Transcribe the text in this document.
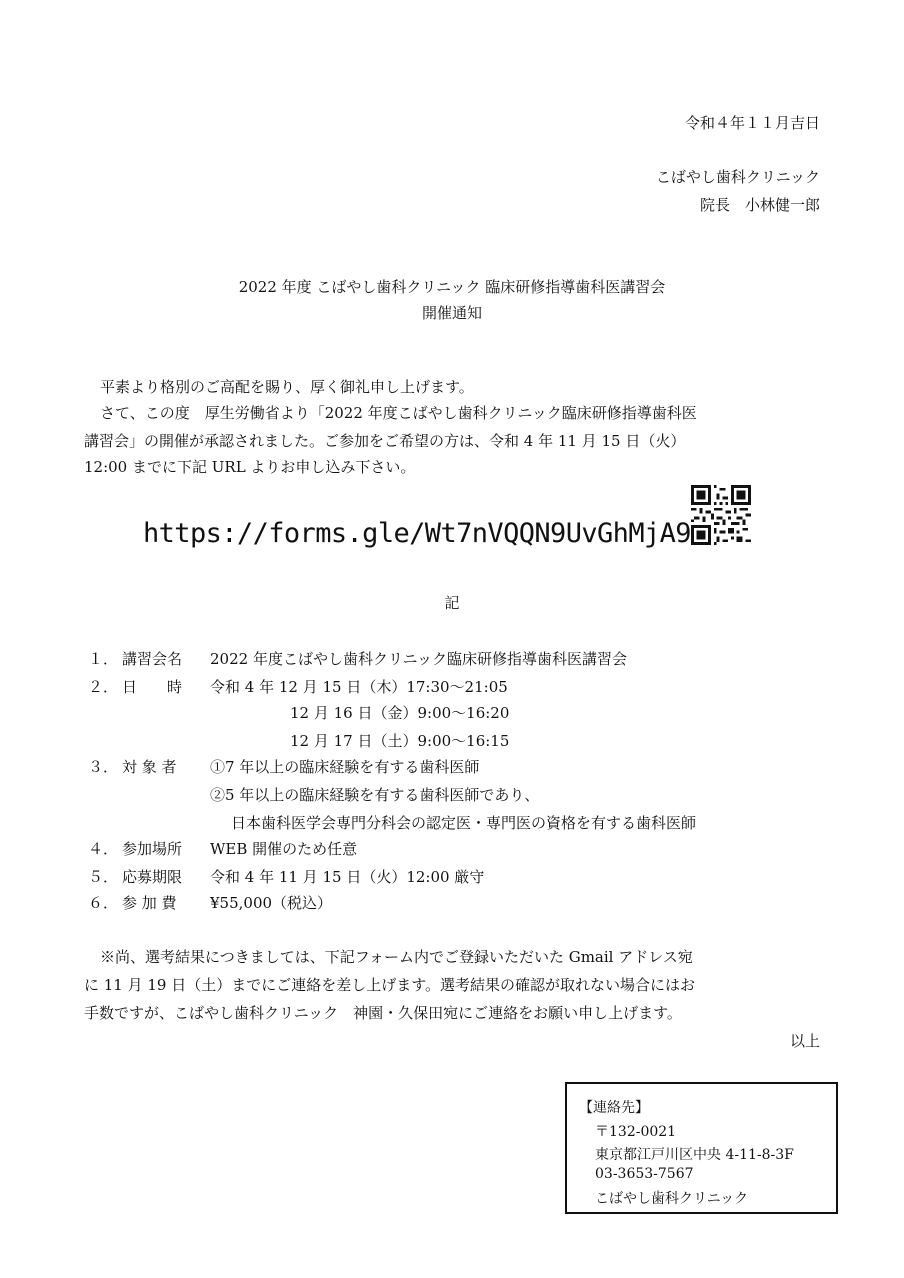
令和４年１１月吉日
こばやし歯科クリニック
院長　小林健一郎
2022 年度 こばやし歯科クリニック 臨床研修指導歯科医講習会
開催通知
平素より格別のご高配を賜り、厚く御礼申し上げます。
さて、この度　厚生労働省より「2022 年度こばやし歯科クリニック臨床研修指導歯科医
講習会」の開催が承認されました。ご参加をご希望の方は、令和 4 年 11 月 15 日（火）
12:00 までに下記 URL よりお申し込み下さい。
https://forms.gle/Wt7nVQQN9UvGhMjA9
記
１． 講習会名 2022 年度こばやし歯科クリニック臨床研修指導歯科医講習会
２． 日　　時 令和 4 年 12 月 15 日（木）17:30～21:05
12 月 16 日（金）9:00～16:20
12 月 17 日（土）9:00～16:15
３． 対 象 者 ①7 年以上の臨床経験を有する歯科医師
②5 年以上の臨床経験を有する歯科医師であり、
日本歯科医学会専門分科会の認定医・専門医の資格を有する歯科医師
４． 参加場所 WEB 開催のため任意
５． 応募期限 令和 4 年 11 月 15 日（火）12:00 厳守
６． 参 加 費 ¥55,000（税込）
※尚、選考結果につきましては、下記フォーム内でご登録いただいた Gmail アドレス宛
に 11 月 19 日（土）までにご連絡を差し上げます。選考結果の確認が取れない場合にはお
手数ですが、こばやし歯科クリニック　神園・久保田宛にご連絡をお願い申し上げます。
以上
【連絡先】
〒132-0021
東京都江戸川区中央 4-11-8-3F
03-3653-7567
こばやし歯科クリニック
